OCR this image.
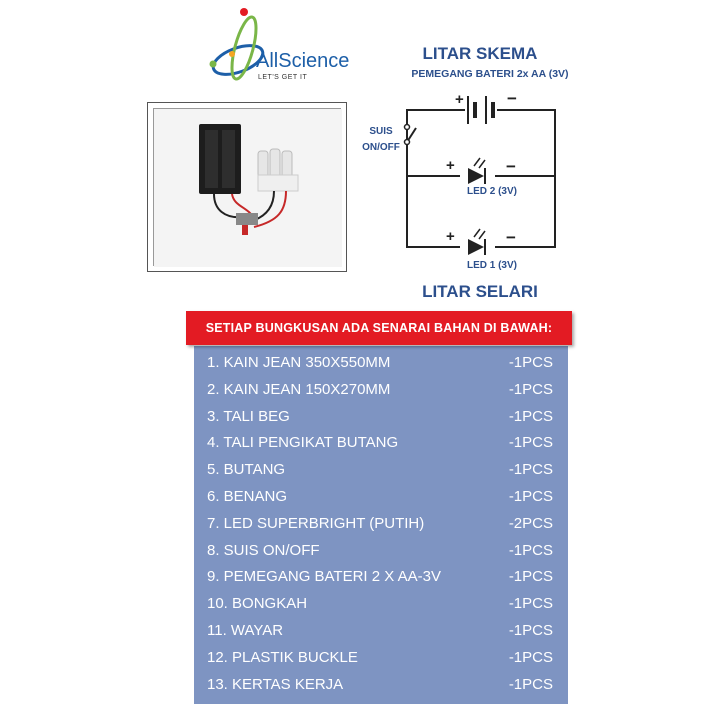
AllScience
LET'S GET IT
LITAR SKEMA
PEMEGANG BATERI 2x AA (3V)
SUIS
ON/OFF
LED 2 (3V)
LED 1 (3V)
LITAR SELARI
+	−
+	−
+	−
SETIAP BUNGKUSAN ADA SENARAI BAHAN DI BAWAH:
1. KAIN JEAN 350X550MM	-1PCS
2. KAIN JEAN 150X270MM	-1PCS
3. TALI BEG	-1PCS
4. TALI PENGIKAT BUTANG	-1PCS
5. BUTANG	-1PCS
6. BENANG	-1PCS
7. LED SUPERBRIGHT (PUTIH)	-2PCS
8. SUIS ON/OFF	-1PCS
9. PEMEGANG BATERI 2 X AA-3V	-1PCS
10. BONGKAH	-1PCS
11. WAYAR	-1PCS
12. PLASTIK BUCKLE	-1PCS
13. KERTAS KERJA	-1PCS
